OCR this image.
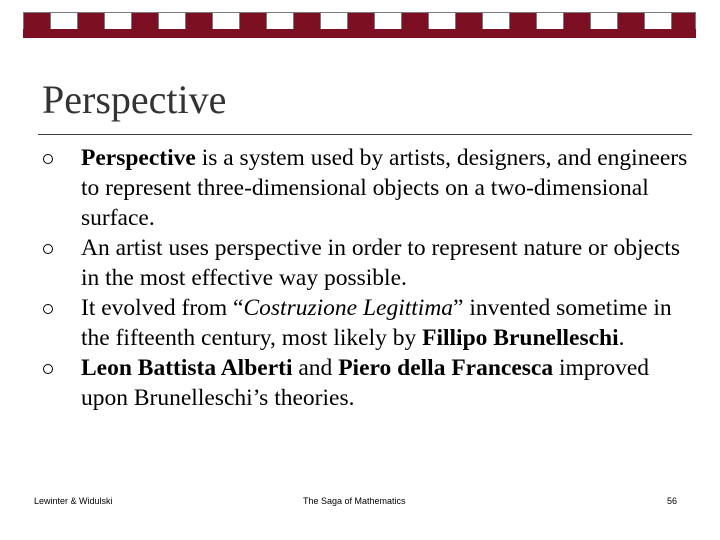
Perspective
Perspective is a system used by artists, designers, and engineers to represent three-dimensional objects on a two-dimensional surface.
An artist uses perspective in order to represent nature or objects in the most effective way possible.
It evolved from “Costruzione Legittima” invented sometime in the fifteenth century, most likely by Fillipo Brunelleschi.
Leon Battista Alberti and Piero della Francesca improved upon Brunelleschi’s theories.
Lewinter & Widulski	The Saga of Mathematics	56
